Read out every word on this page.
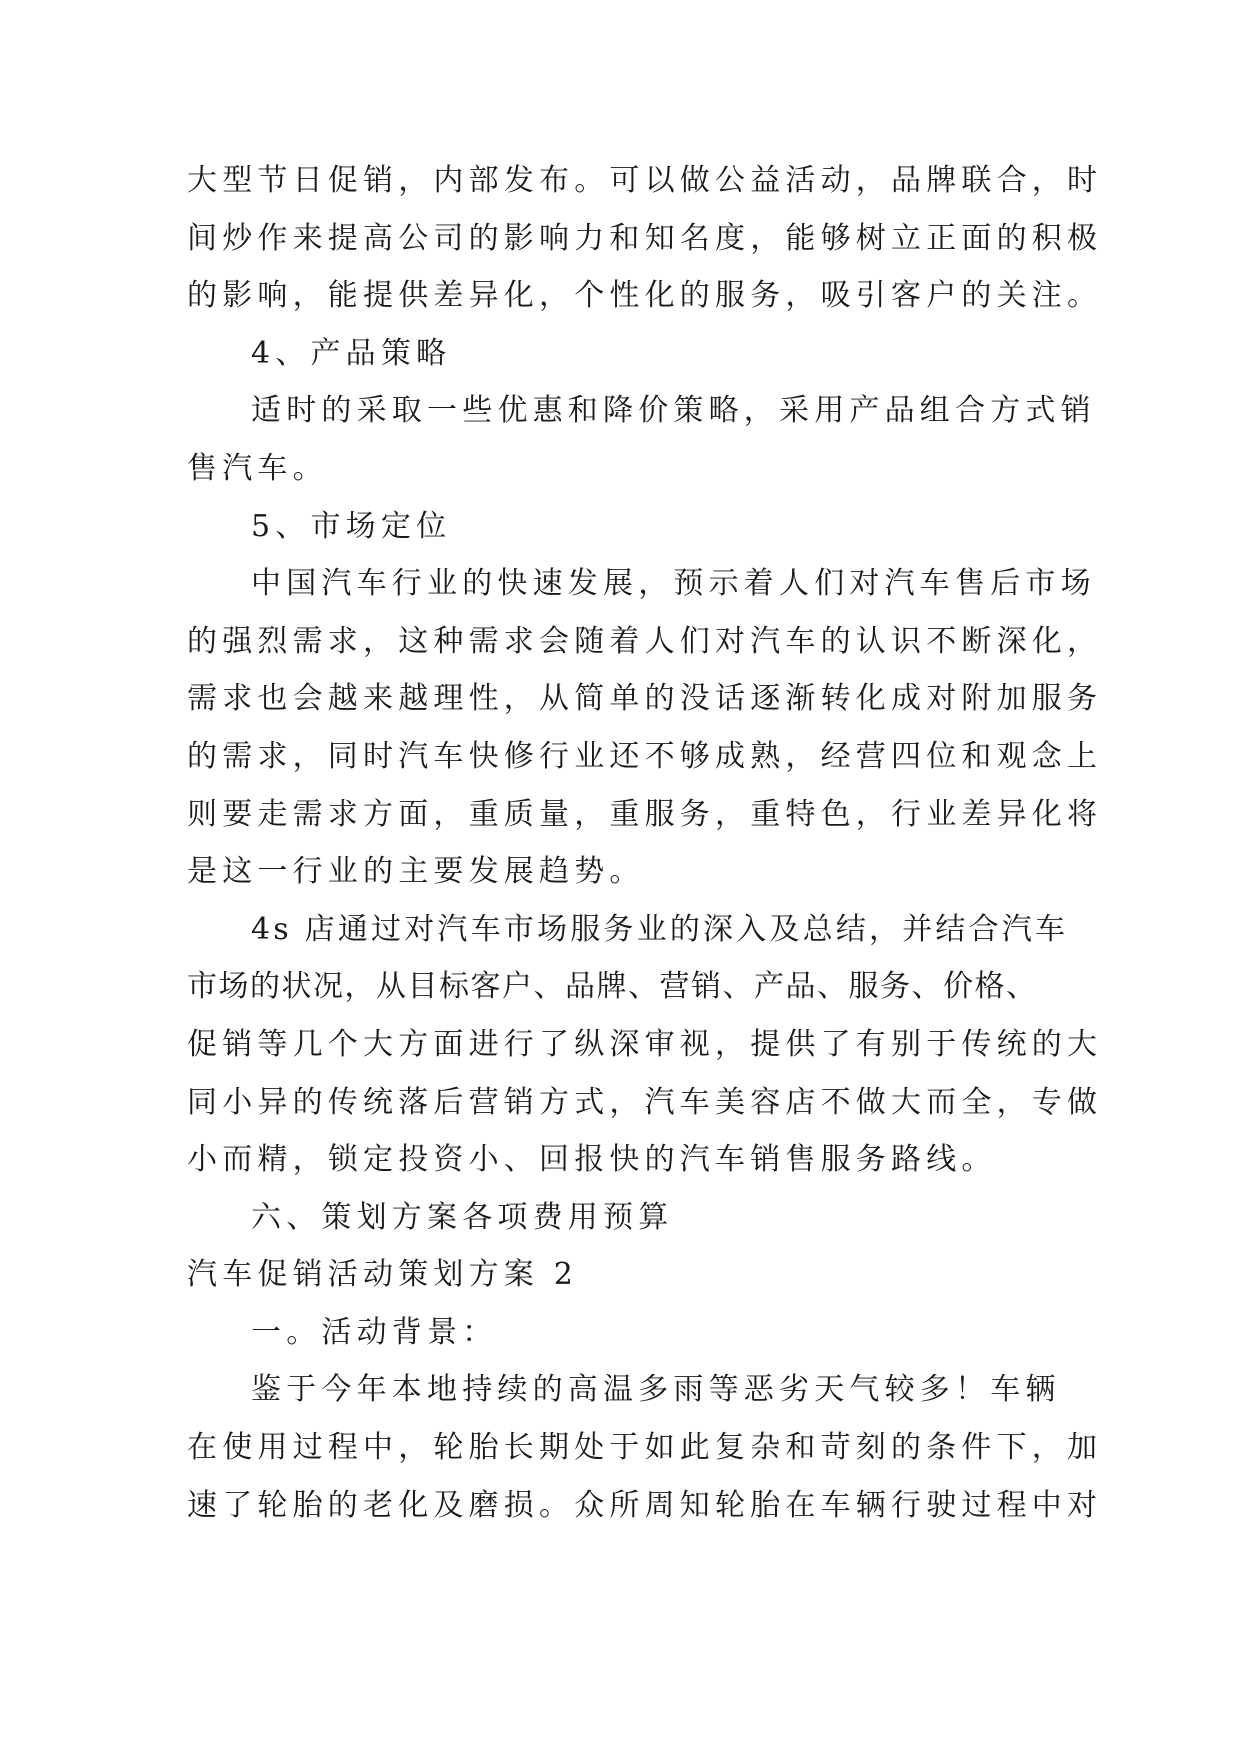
大型节日促销，内部发布。可以做公益活动，品牌联合，时
间炒作来提高公司的影响力和知名度，能够树立正面的积极
的影响，能提供差异化，个性化的服务，吸引客户的关注。
4、产品策略
适时的采取一些优惠和降价策略，采用产品组合方式销
售汽车。
5、市场定位
中国汽车行业的快速发展，预示着人们对汽车售后市场
的强烈需求，这种需求会随着人们对汽车的认识不断深化，
需求也会越来越理性，从简单的没话逐渐转化成对附加服务
的需求，同时汽车快修行业还不够成熟，经营四位和观念上
则要走需求方面，重质量，重服务，重特色，行业差异化将
是这一行业的主要发展趋势。
4s 店通过对汽车市场服务业的深入及总结，并结合汽车
市场的状况，从目标客户、品牌、营销、产品、服务、价格、
促销等几个大方面进行了纵深审视，提供了有别于传统的大
同小异的传统落后营销方式，汽车美容店不做大而全，专做
小而精，锁定投资小、回报快的汽车销售服务路线。
六、策划方案各项费用预算
汽车促销活动策划方案 2
一。活动背景：
鉴于今年本地持续的高温多雨等恶劣天气较多！车辆
在使用过程中，轮胎长期处于如此复杂和苛刻的条件下，加
速了轮胎的老化及磨损。众所周知轮胎在车辆行驶过程中对
